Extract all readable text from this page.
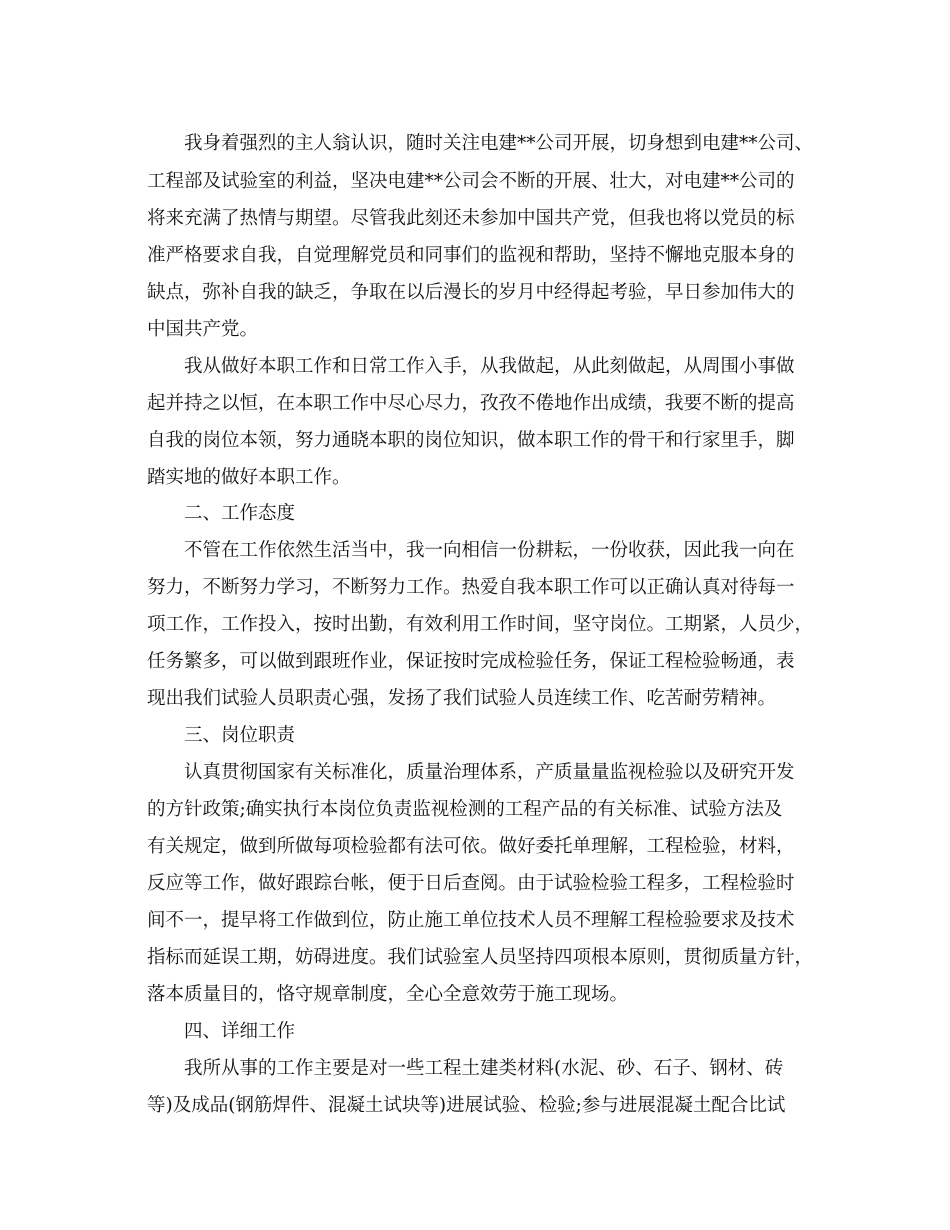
　　我身着强烈的主人翁认识，随时关注电建**公司开展，切身想到电建**公司、
工程部及试验室的利益，坚决电建**公司会不断的开展、壮大，对电建**公司的
将来充满了热情与期望。尽管我此刻还未参加中国共产党，但我也将以党员的标
准严格要求自我，自觉理解党员和同事们的监视和帮助，坚持不懈地克服本身的
缺点，弥补自我的缺乏，争取在以后漫长的岁月中经得起考验，早日参加伟大的
中国共产党。
　　我从做好本职工作和日常工作入手，从我做起，从此刻做起，从周围小事做
起并持之以恒，在本职工作中尽心尽力，孜孜不倦地作出成绩，我要不断的提高
自我的岗位本领，努力通晓本职的岗位知识，做本职工作的骨干和行家里手，脚
踏实地的做好本职工作。
　　二、工作态度
　　不管在工作依然生活当中，我一向相信一份耕耘，一份收获，因此我一向在
努力，不断努力学习，不断努力工作。热爱自我本职工作可以正确认真对待每一
项工作，工作投入，按时出勤，有效利用工作时间，坚守岗位。工期紧，人员少，
任务繁多，可以做到跟班作业，保证按时完成检验任务，保证工程检验畅通，表
现出我们试验人员职责心强，发扬了我们试验人员连续工作、吃苦耐劳精神。
　　三、岗位职责
　　认真贯彻国家有关标准化，质量治理体系，产质量量监视检验以及研究开发
的方针政策;确实执行本岗位负责监视检测的工程产品的有关标准、试验方法及
有关规定，做到所做每项检验都有法可依。做好委托单理解，工程检验，材料，
反应等工作，做好跟踪台帐，便于日后查阅。由于试验检验工程多，工程检验时
间不一，提早将工作做到位，防止施工单位技术人员不理解工程检验要求及技术
指标而延误工期，妨碍进度。我们试验室人员坚持四项根本原则，贯彻质量方针，
落本质量目的，恪守规章制度，全心全意效劳于施工现场。
　　四、详细工作
　　我所从事的工作主要是对一些工程土建类材料(水泥、砂、石子、钢材、砖
等)及成品(钢筋焊件、混凝土试块等)进展试验、检验;参与进展混凝土配合比试
